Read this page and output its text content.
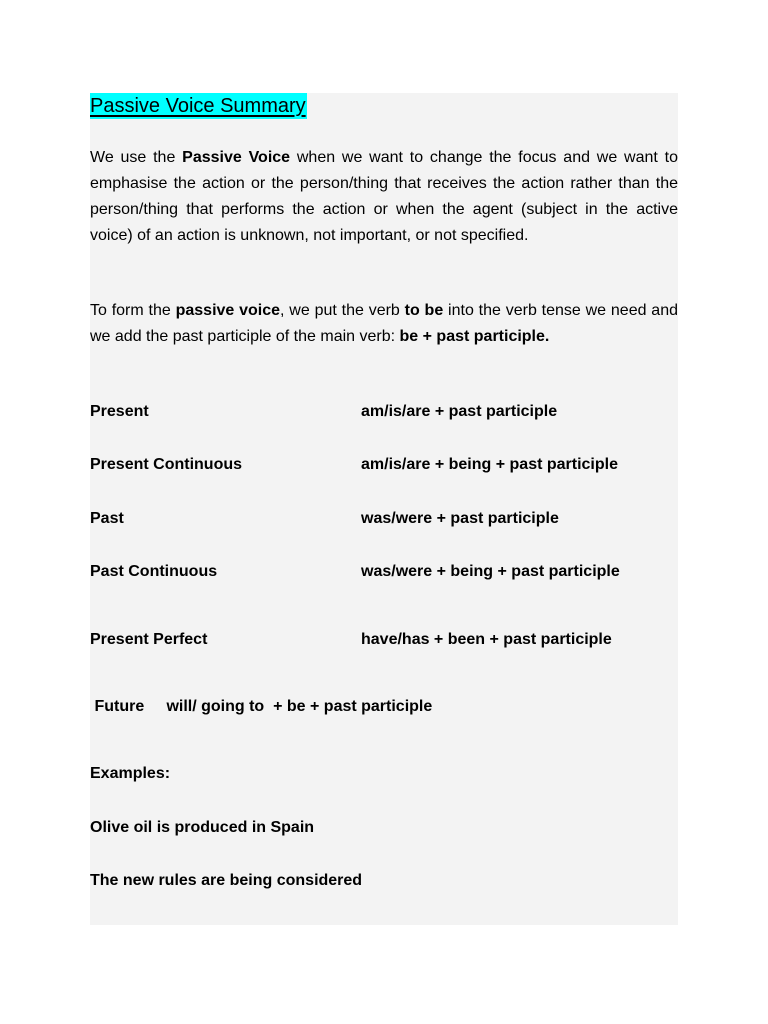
Passive Voice Summary

We use the Passive Voice when we want to change the focus and we want to emphasise the action or the person/thing that receives the action rather than the person/thing that performs the action or when the agent (subject in the active voice) of an action is unknown, not important, or not specified.

To form the passive voice, we put the verb to be into the verb tense we need and we add the past participle of the main verb: be + past participle.

Present	am/is/are + past participle
Present Continuous	am/is/are + being + past participle
Past	was/were + past participle
Past Continuous	was/were + being + past participle
Present Perfect	have/has + been + past participle
Future     will/ going to  + be + past participle
Examples:
Olive oil is produced in Spain
The new rules are being considered
